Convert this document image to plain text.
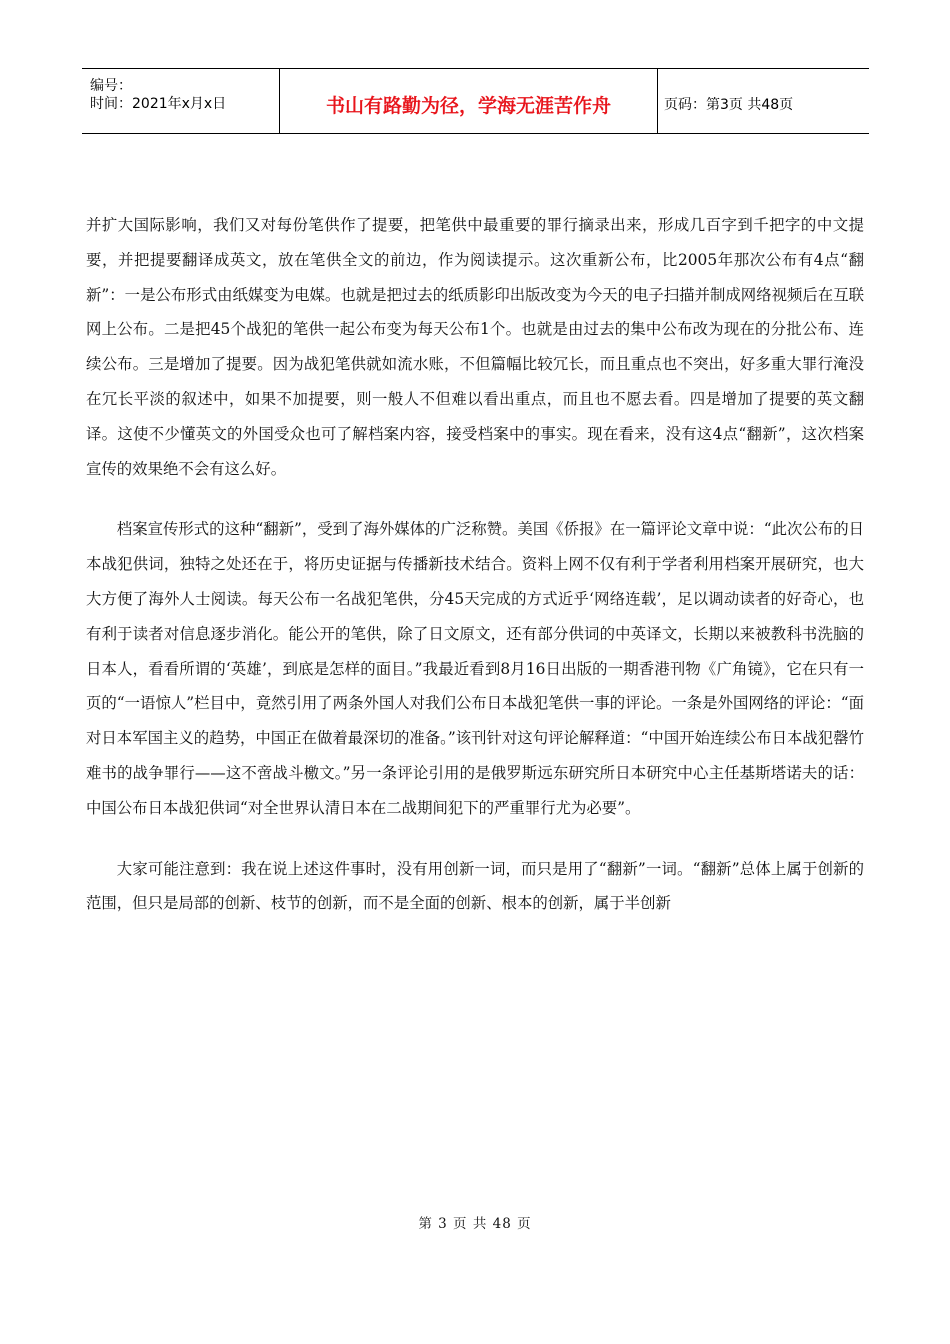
编号：
时间：2021年x月x日	书山有路勤为径，学海无涯苦作舟	页码：第3页 共48页

并扩大国际影响，我们又对每份笔供作了提要，把笔供中最重要的罪行摘录出来，形成几百字到千把字的中文提要，并把提要翻译成英文，放在笔供全文的前边，作为阅读提示。这次重新公布，比2005年那次公布有4点“翻新”：一是公布形式由纸媒变为电媒。也就是把过去的纸质影印出版改变为今天的电子扫描并制成网络视频后在互联网上公布。二是把45个战犯的笔供一起公布变为每天公布1个。也就是由过去的集中公布改为现在的分批公布、连续公布。三是增加了提要。因为战犯笔供就如流水账，不但篇幅比较冗长，而且重点也不突出，好多重大罪行淹没在冗长平淡的叙述中，如果不加提要，则一般人不但难以看出重点，而且也不愿去看。四是增加了提要的英文翻译。这使不少懂英文的外国受众也可了解档案内容，接受档案中的事实。现在看来，没有这4点“翻新”，这次档案宣传的效果绝不会有这么好。

档案宣传形式的这种“翻新”，受到了海外媒体的广泛称赞。美国《侨报》在一篇评论文章中说：“此次公布的日本战犯供词，独特之处还在于，将历史证据与传播新技术结合。资料上网不仅有利于学者利用档案开展研究，也大大方便了海外人士阅读。每天公布一名战犯笔供，分45天完成的方式近乎‘网络连载’，足以调动读者的好奇心，也有利于读者对信息逐步消化。能公开的笔供，除了日文原文，还有部分供词的中英译文，长期以来被教科书洗脑的日本人，看看所谓的‘英雄’，到底是怎样的面目。”我最近看到8月16日出版的一期香港刊物《广角镜》，它在只有一页的“一语惊人”栏目中，竟然引用了两条外国人对我们公布日本战犯笔供一事的评论。一条是外国网络的评论：“面对日本军国主义的趋势，中国正在做着最深切的准备。”该刊针对这句评论解释道：“中国开始连续公布日本战犯罄竹难书的战争罪行——这不啻战斗檄文。”另一条评论引用的是俄罗斯远东研究所日本研究中心主任基斯塔诺夫的话：中国公布日本战犯供词“对全世界认清日本在二战期间犯下的严重罪行尤为必要”。

大家可能注意到：我在说上述这件事时，没有用创新一词，而只是用了“翻新”一词。“翻新”总体上属于创新的范围，但只是局部的创新、枝节的创新，而不是全面的创新、根本的创新，属于半创新

第 3 页 共 48 页
